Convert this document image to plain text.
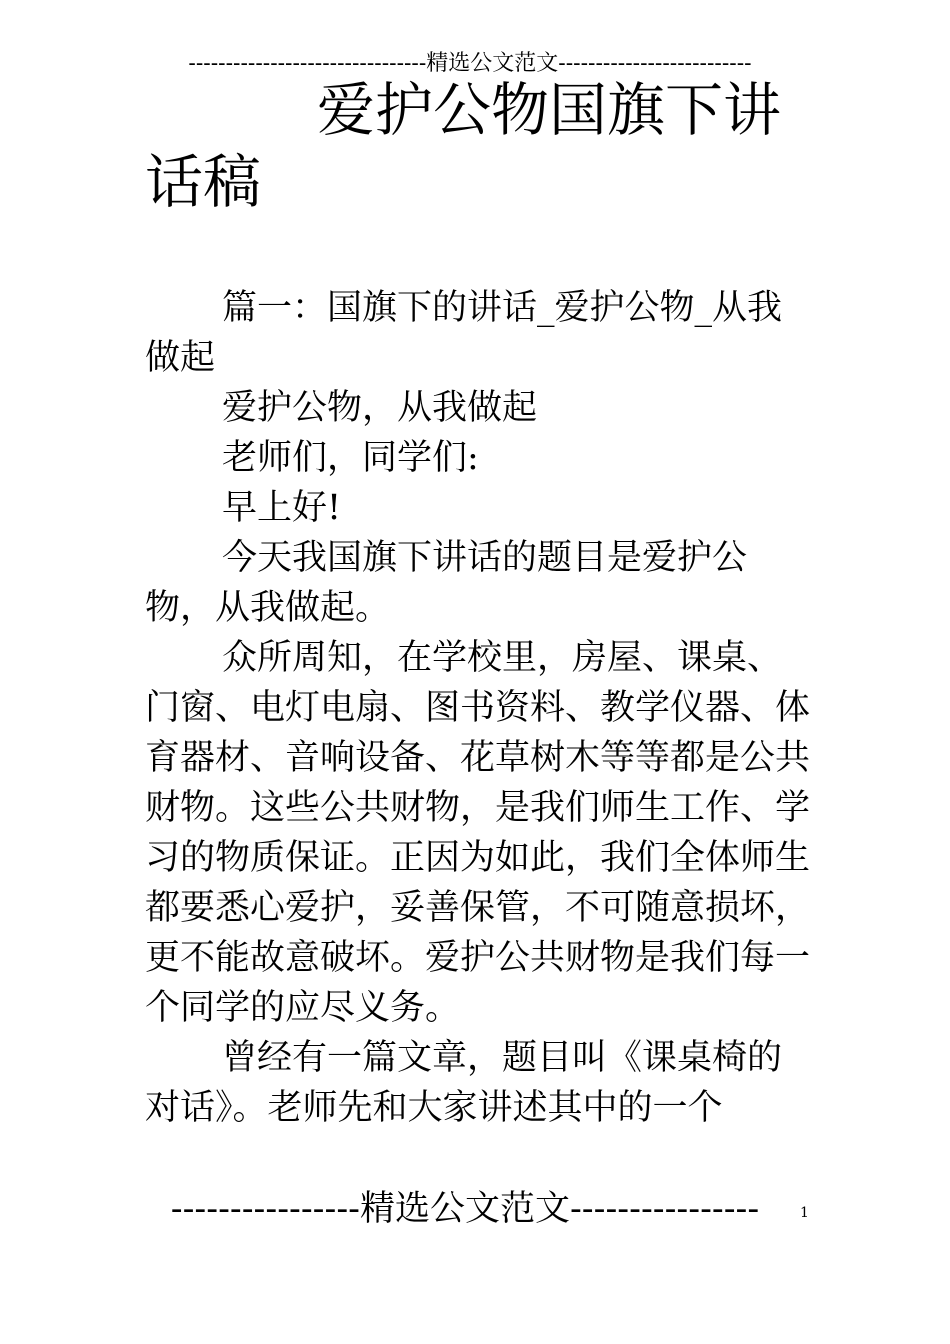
--------------------------------精选公文范文--------------------------
爱护公物国旗下讲
话稿

篇一：国旗下的讲话_爱护公物_从我做起

爱护公物，从我做起

老师们，同学们:

早上好!

今天我国旗下讲话的题目是爱护公物，从我做起。

众所周知，在学校里，房屋、课桌、门窗、电灯电扇、图书资料、教学仪器、体育器材、音响设备、花草树木等等都是公共财物。这些公共财物，是我们师生工作、学习的物质保证。正因为如此，我们全体师生都要悉心爱护，妥善保管，不可随意损坏，更不能故意破坏。爱护公共财物是我们每一个同学的应尽义务。

曾经有一篇文章，题目叫《课桌椅的对话》。老师先和大家讲述其中的一个

----------------精选公文范文----------------	1
